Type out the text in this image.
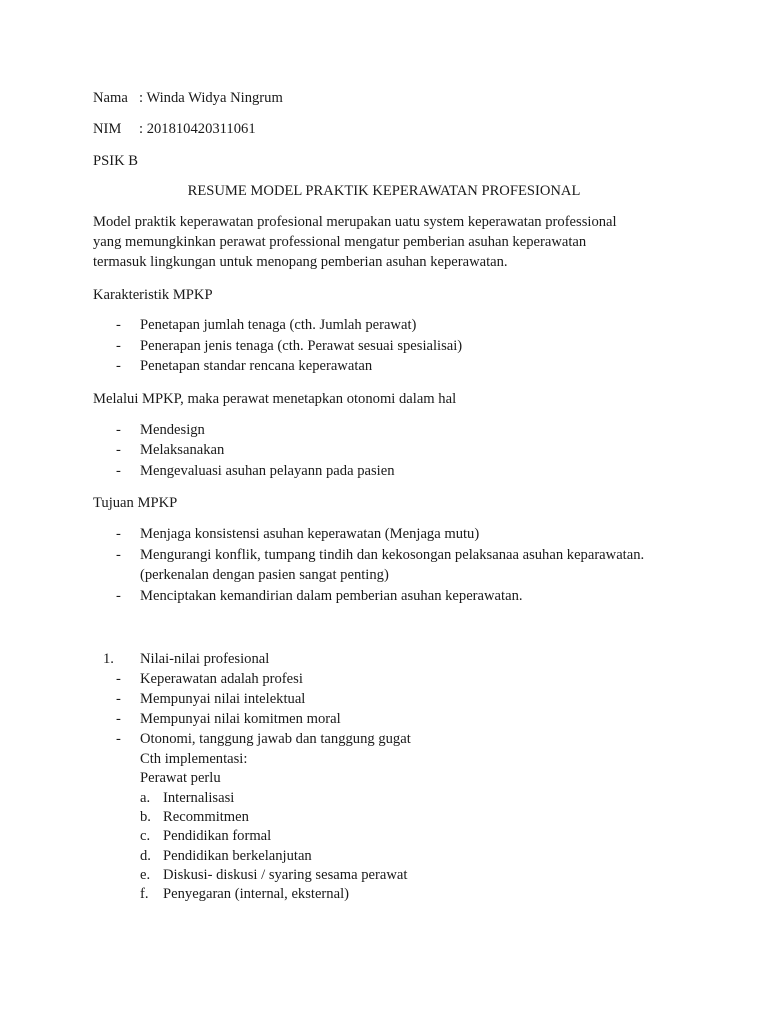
Nama : Winda Widya Ningrum
NIM : 201810420311061
PSIK B
RESUME MODEL PRAKTIK KEPERAWATAN PROFESIONAL
Model praktik keperawatan profesional merupakan uatu system keperawatan professional
yang memungkinkan perawat professional mengatur pemberian asuhan keperawatan
termasuk lingkungan untuk menopang pemberian asuhan keperawatan.
Karakteristik MPKP
- Penetapan jumlah tenaga (cth. Jumlah perawat)
- Penerapan jenis tenaga (cth. Perawat sesuai spesialisai)
- Penetapan standar rencana keperawatan
Melalui MPKP, maka perawat menetapkan otonomi dalam hal
- Mendesign
- Melaksanakan
- Mengevaluasi asuhan pelayann pada pasien
Tujuan MPKP
- Menjaga konsistensi asuhan keperawatan (Menjaga mutu)
- Mengurangi konflik, tumpang tindih dan kekosongan pelaksanaa asuhan keparawatan.
(perkenalan dengan pasien sangat penting)
- Menciptakan kemandirian dalam pemberian asuhan keperawatan.
1. Nilai-nilai profesional
- Keperawatan adalah profesi
- Mempunyai nilai intelektual
- Mempunyai nilai komitmen moral
- Otonomi, tanggung jawab dan tanggung gugat
Cth implementasi:
Perawat perlu
a. Internalisasi
b. Recommitmen
c. Pendidikan formal
d. Pendidikan berkelanjutan
e. Diskusi- diskusi / syaring sesama perawat
f. Penyegaran (internal, eksternal)
